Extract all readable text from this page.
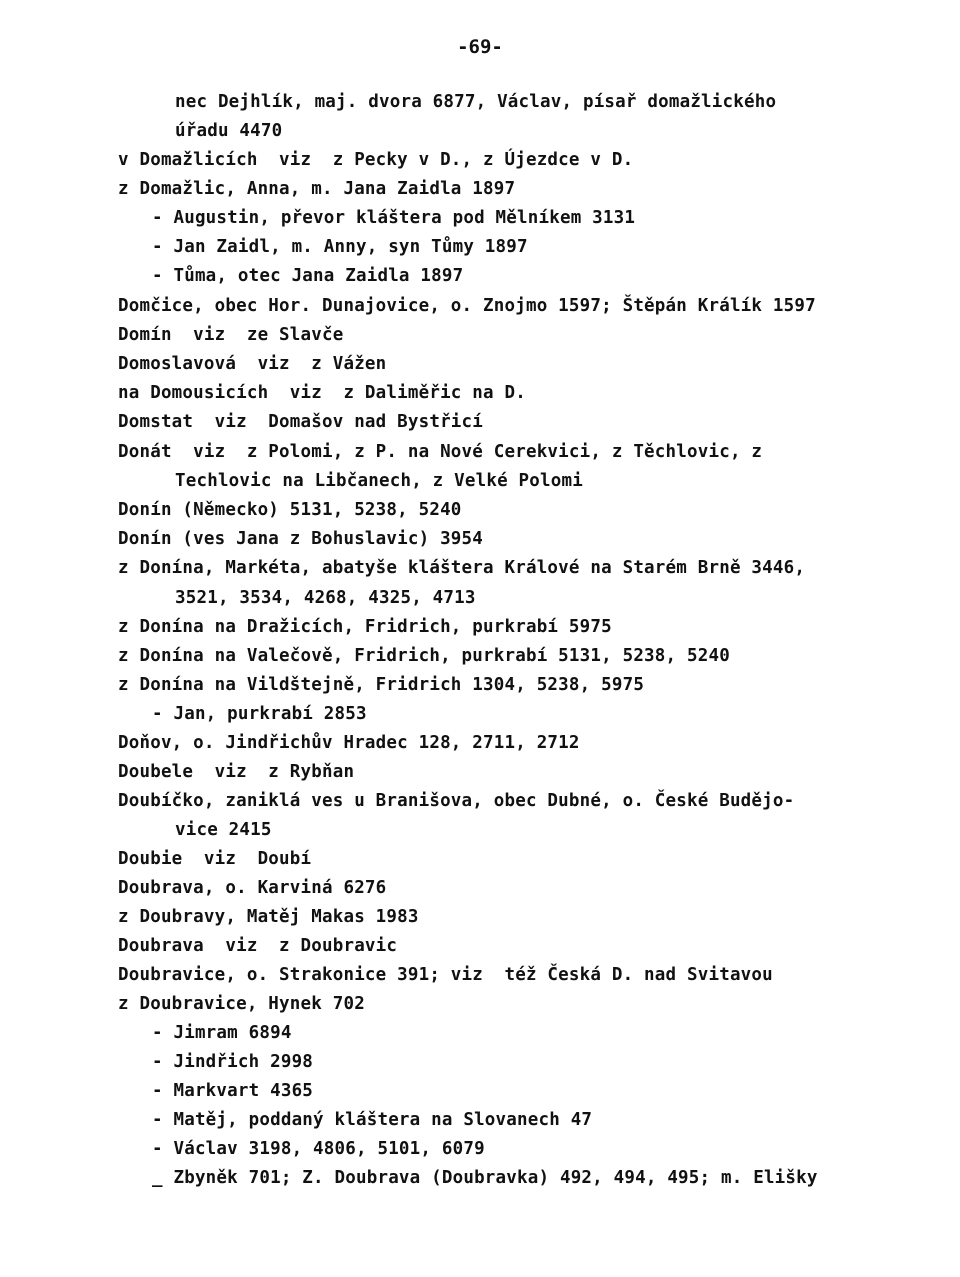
-69-
nec Dejhlík, maj. dvora 6877, Václav, písař domažlického
úřadu 4470
v Domažlicích  viz  z Pecky v D., z Újezdce v D.
z Domažlic, Anna, m. Jana Zaidla 1897
- Augustin, převor kláštera pod Mělníkem 3131
- Jan Zaidl, m. Anny, syn Tůmy 1897
- Tůma, otec Jana Zaidla 1897
Domčice, obec Hor. Dunajovice, o. Znojmo 1597; Štěpán Králík 1597
Domín  viz  ze Slavče
Domoslavová  viz  z Vážen
na Domousicích  viz  z Daliměřic na D.
Domstat  viz  Domašov nad Bystřicí
Donát  viz  z Polomi, z P. na Nové Cerekvici, z Těchlovic, z
Techlovic na Libčanech, z Velké Polomi
Donín (Německo) 5131, 5238, 5240
Donín (ves Jana z Bohuslavic) 3954
z Donína, Markéta, abatyše kláštera Králové na Starém Brně 3446,
3521, 3534, 4268, 4325, 4713
z Donína na Dražicích, Fridrich, purkrabí 5975
z Donína na Valečově, Fridrich, purkrabí 5131, 5238, 5240
z Donína na Vildštejně, Fridrich 1304, 5238, 5975
- Jan, purkrabí 2853
Doňov, o. Jindřichův Hradec 128, 2711, 2712
Doubele  viz  z Rybňan
Doubíčko, zaniklá ves u Branišova, obec Dubné, o. České Buděјo-
vice 2415
Doubie  viz  Doubí
Doubrava, o. Karviná 6276
z Doubravy, Matěj Makas 1983
Doubrava  viz  z Doubravic
Doubravice, o. Strakonice 391; viz  též Česká D. nad Svitavou
z Doubravice, Hynek 702
- Jimram 6894
- Jindřich 2998
- Markvart 4365
- Matěj, poddaný kláštera na Slovanech 47
- Václav 3198, 4806, 5101, 6079
_ Zbyněk 701; Z. Doubrava (Doubravka) 492, 494, 495; m. Elišky
